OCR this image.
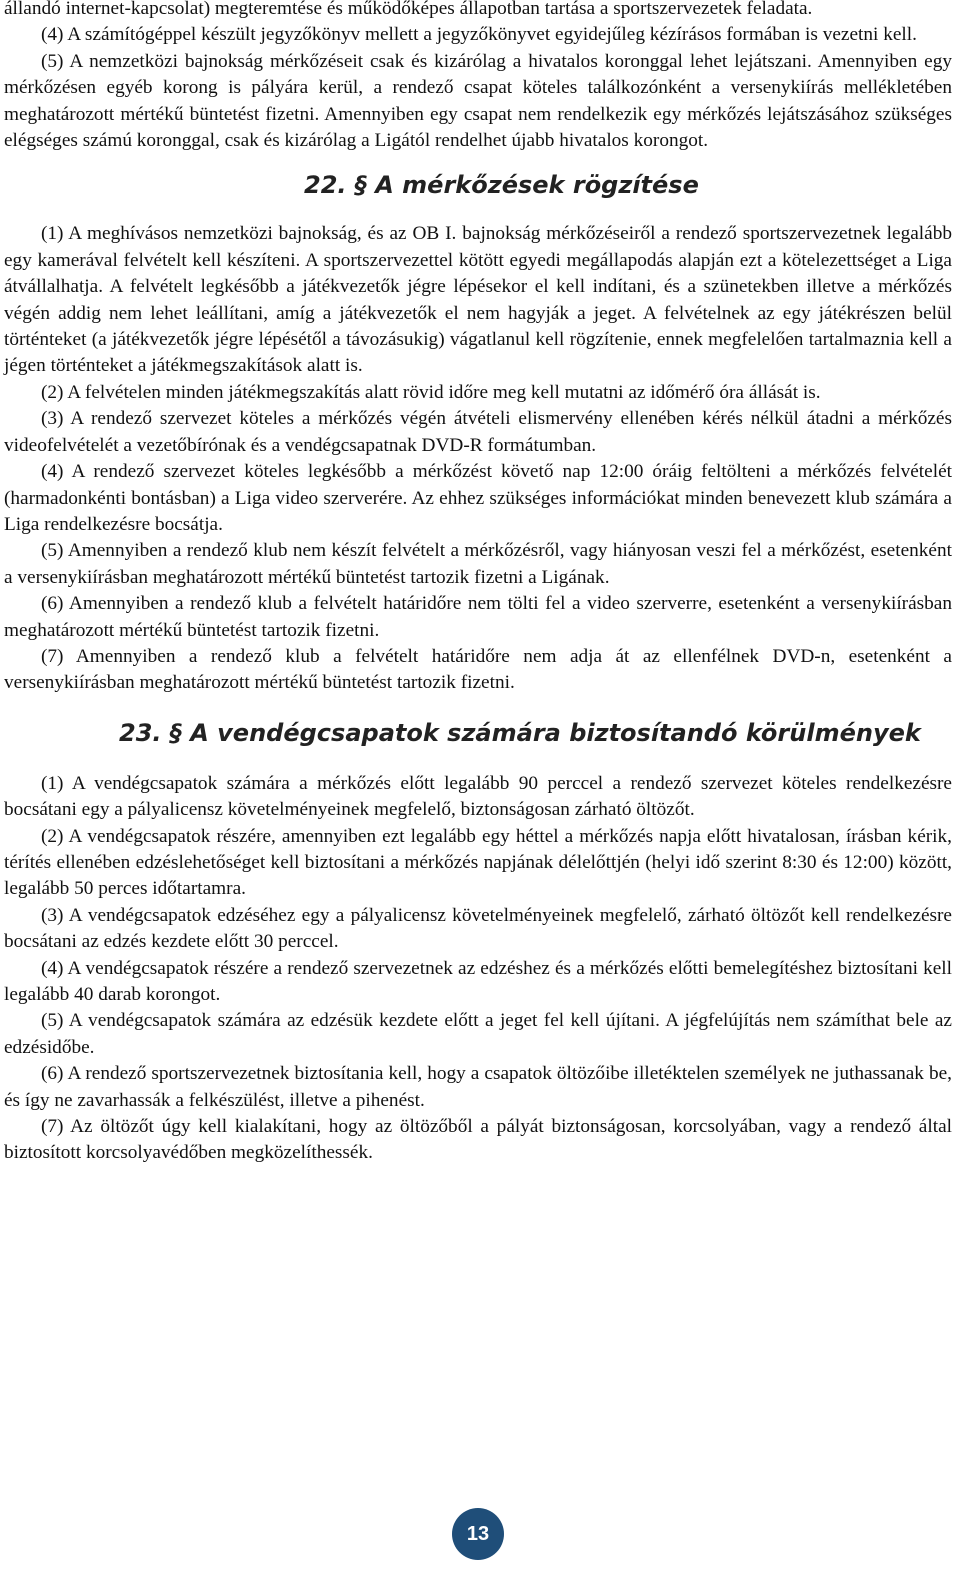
állandó internet-kapcsolat) megteremtése és működőképes állapotban tartása a sportszervezetek feladata.

(4) A számítógéppel készült jegyzőkönyv mellett a jegyzőkönyvet egyidejűleg kézírásos formában is vezetni kell.

(5) A nemzetközi bajnokság mérkőzéseit csak és kizárólag a hivatalos koronggal lehet lejátszani. Amennyiben egy mérkőzésen egyéb korong is pályára kerül, a rendező csapat köteles találkozónként a versenykiírás mellékletében meghatározott mértékű büntetést fizetni. Amennyiben egy csapat nem rendelkezik egy mérkőzés lejátszásához szükséges elégséges számú koronggal, csak és kizárólag a Ligától rendelhet újabb hivatalos korongot.

22. § A mérkőzések rögzítése

(1) A meghívásos nemzetközi bajnokság, és az OB I. bajnokság mérkőzéseiről a rendező sportszervezetnek legalább egy kamerával felvételt kell készíteni. A sportszervezettel kötött egyedi megállapodás alapján ezt a kötelezettséget a Liga átvállalhatja. A felvételt legkésőbb a játékvezetők jégre lépésekor el kell indítani, és a szünetekben illetve a mérkőzés végén addig nem lehet leállítani, amíg a játékvezetők el nem hagyják a jeget. A felvételnek az egy játékrészen belül történteket (a játékvezetők jégre lépésétől a távozásukig) vágatlanul kell rögzítenie, ennek megfelelően tartalmaznia kell a jégen történteket a játékmegszakítások alatt is.

(2) A felvételen minden játékmegszakítás alatt rövid időre meg kell mutatni az időmérő óra állását is.

(3) A rendező szervezet köteles a mérkőzés végén átvételi elismervény ellenében kérés nélkül átadni a mérkőzés videofelvételét a vezetőbírónak és a vendégcsapatnak DVD-R formátumban.

(4) A rendező szervezet köteles legkésőbb a mérkőzést követő nap 12:00 óráig feltölteni a mérkőzés felvételét (harmadonkénti bontásban) a Liga video szerverére. Az ehhez szükséges információkat minden benevezett klub számára a Liga rendelkezésre bocsátja.

(5) Amennyiben a rendező klub nem készít felvételt a mérkőzésről, vagy hiányosan veszi fel a mérkőzést, esetenként a versenykiírásban meghatározott mértékű büntetést tartozik fizetni a Ligának.

(6) Amennyiben a rendező klub a felvételt határidőre nem tölti fel a video szerverre, esetenként a versenykiírásban meghatározott mértékű büntetést tartozik fizetni.

(7) Amennyiben a rendező klub a felvételt határidőre nem adja át az ellenfélnek DVD-n, esetenként a versenykiírásban meghatározott mértékű büntetést tartozik fizetni.

23. § A vendégcsapatok számára biztosítandó körülmények

(1) A vendégcsapatok számára a mérkőzés előtt legalább 90 perccel a rendező szervezet köteles rendelkezésre bocsátani egy a pályalicensz követelményeinek megfelelő, biztonságosan zárható öltözőt.

(2) A vendégcsapatok részére, amennyiben ezt legalább egy héttel a mérkőzés napja előtt hivatalosan, írásban kérik, térítés ellenében edzéslehetőséget kell biztosítani a mérkőzés napjának délelőttjén (helyi idő szerint 8:30 és 12:00) között, legalább 50 perces időtartamra.

(3) A vendégcsapatok edzéséhez egy a pályalicensz követelményeinek megfelelő, zárható öltözőt kell rendelkezésre bocsátani az edzés kezdete előtt 30 perccel.

(4) A vendégcsapatok részére a rendező szervezetnek az edzéshez és a mérkőzés előtti bemelegítéshez biztosítani kell legalább 40 darab korongot.

(5) A vendégcsapatok számára az edzésük kezdete előtt a jeget fel kell újítani. A jégfelújítás nem számíthat bele az edzésidőbe.

(6) A rendező sportszervezetnek biztosítania kell, hogy a csapatok öltözőibe illetéktelen személyek ne juthassanak be, és így ne zavarhassák a felkészülést, illetve a pihenést.

(7) Az öltözőt úgy kell kialakítani, hogy az öltözőből a pályát biztonságosan, korcsolyában, vagy a rendező által biztosított korcsolyavédőben megközelíthessék.

13
